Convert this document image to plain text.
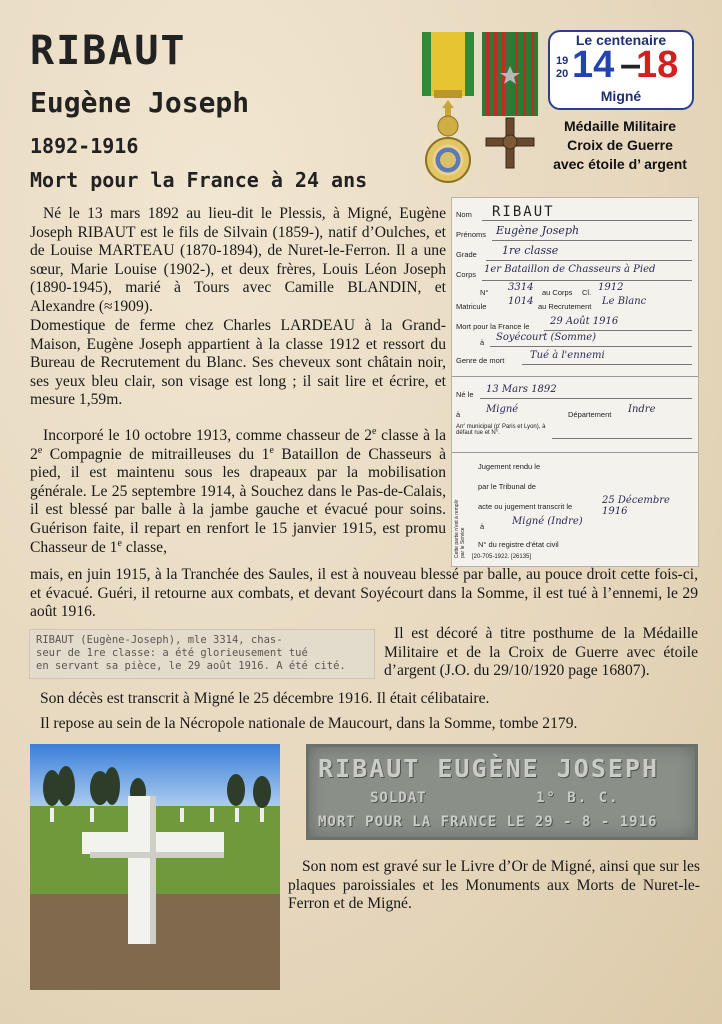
RIBAUT
Eugène Joseph
1892-1916
Mort pour la France à 24 ans
Le centenaire
19
20 14 –
18
Migné
Médaille Militaire
Croix de Guerre
avec étoile d’ argent

Né le 13 mars 1892 au lieu-dit le Plessis, à Migné, Eugène Joseph RIBAUT est le fils de Silvain (1859-), natif d’Oulches, et de Louise MARTEAU (1870-1894), de Nuret-le-Ferron. Il a une sœur, Marie Louise (1902-), et deux frères, Louis Léon Joseph (1890-1945), marié à Tours avec Camille BLANDIN, et Alexandre (≈1909).

Domestique de ferme chez Charles LARDEAU à la Grand-Maison, Eugène Joseph appartient à la classe 1912 et ressort du Bureau de Recrutement du Blanc. Ses cheveux sont châtain noir, ses yeux bleu clair, son visage est long ; il sait lire et écrire, et mesure 1,59m.

Incorporé le 10 octobre 1913, comme chasseur de 2e classe à la 2e Compagnie de mitrailleuses du 1e Bataillon de Chasseurs à pied, il est maintenu sous les drapeaux par la mobilisation générale. Le 25 septembre 1914, à Souchez dans le Pas-de-Calais, il est blessé par balle à la jambe gauche et évacué pour soins. Guérison faite, il repart en renfort le 15 janvier 1915, est promu Chasseur de 1e classe,

mais, en juin 1915, à la Tranchée des Saules, il est à nouveau blessé par balle, au pouce droit cette fois-ci, et évacué. Guéri, il retourne aux combats, et devant Soyécourt dans la Somme, il est tué à l’ennemi, le 29 août 1916.

Nom RIBAUT
Prénoms Eugène Joseph
Grade 1re classe
Corps 1er Bataillon de Chasseurs à Pied
N° 3314 au Corps Cl. 1912
Matricule 1014 au Recrutement Le Blanc
Mort pour la France le 29 Août 1916
à Soyécourt (Somme)
Genre de mort	Tué à l'ennemi
Né le 13 Mars 1892
à	Migné	Département Indre
Arr' municipal (p' Paris et Lyon), à défaut rue et N°.
Cette partie n'est à remplir par le Service
Jugement rendu le
par le Tribunal de
acte ou jugement transcrit le
25 Décembre 1916
à	Migné (Indre)
N° du registre d'état civil
[20-705-1922. [26135]
RIBAUT (Eugène-Joseph), mle 3314, chas-
seur de 1re classe: a été glorieusement tué
en servant sa pièce, le 29 août 1916. A été cité.

Il est décoré à titre posthume de la Médaille Militaire et de la Croix de Guerre avec étoile d’argent (J.O. du 29/10/1920 page 16807).

Son décès est transcrit à Migné le 25 décembre 1916. Il était célibataire.

Il repose au sein de la Nécropole nationale de Maucourt, dans la Somme, tombe 2179.

RIBAUT EUGÈNE JOSEPH
SOLDAT	1° B. C.
MORT POUR LA FRANCE LE 29 - 8 - 1916

Son nom est gravé sur le Livre d’Or de Migné, ainsi que sur les plaques paroissiales et les Monuments aux Morts de Nuret-le-Ferron et de Migné.
